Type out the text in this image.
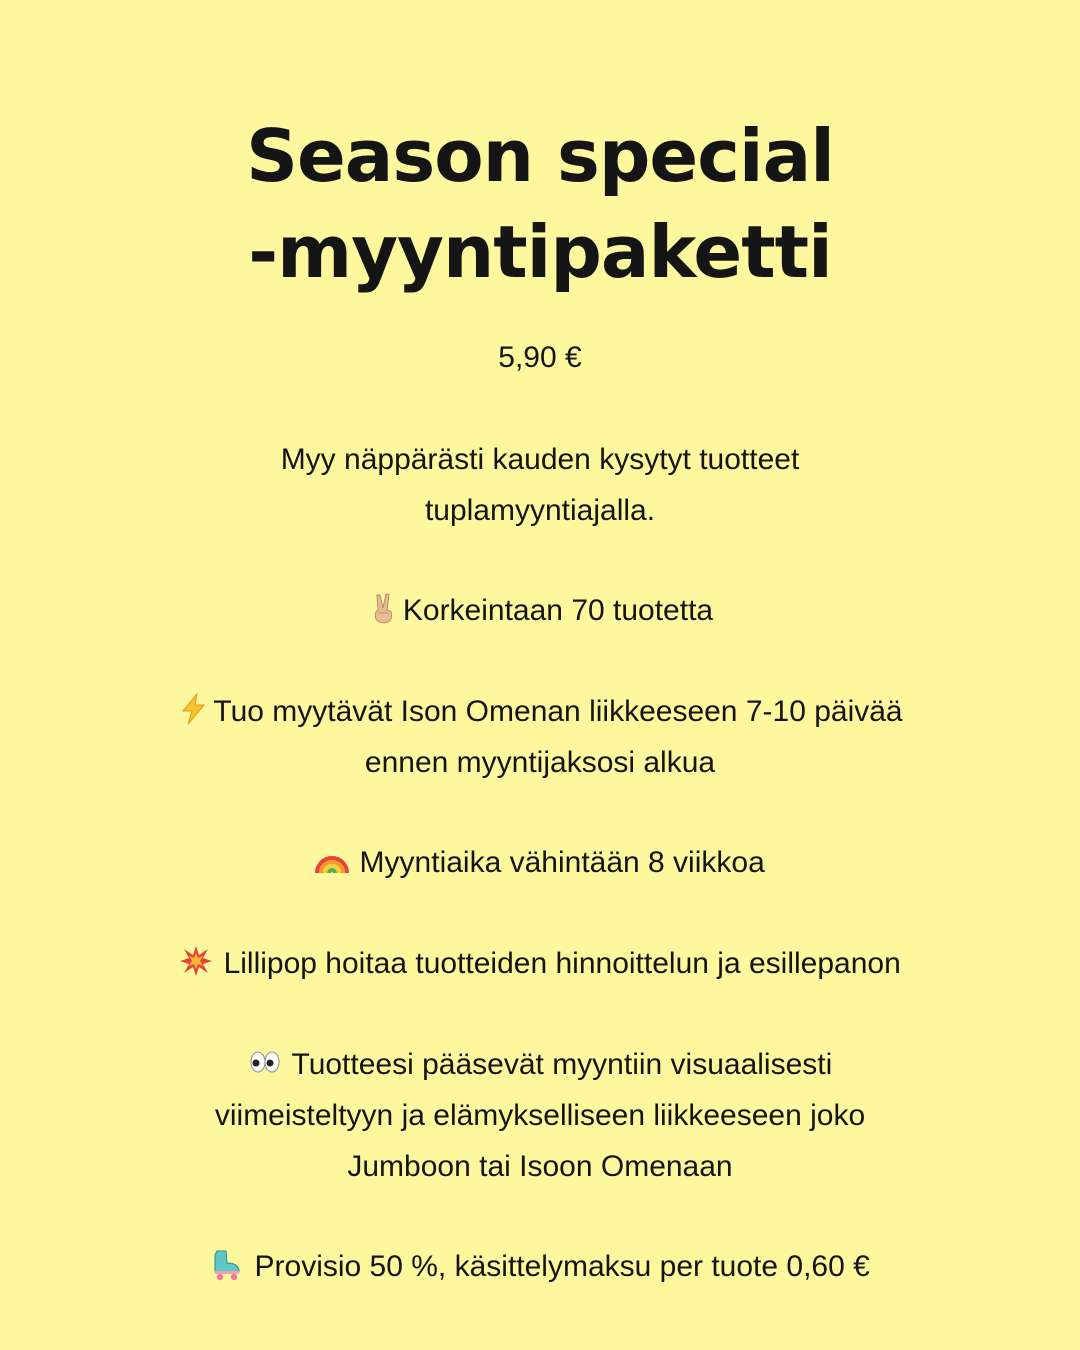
Season special
-myyntipaketti

5,90 €

Myy näppärästi kauden kysytyt tuotteet
tuplamyyntiajalla.

Korkeintaan 70 tuotetta

Tuo myytävät Ison Omenan liikkeeseen 7-10 päivää
ennen myyntijaksosi alkua

Myyntiaika vähintään 8 viikkoa

Lillipop hoitaa tuotteiden hinnoittelun ja esillepanon

Tuotteesi pääsevät myyntiin visuaalisesti
viimeisteltyyn ja elämykselliseen liikkeeseen joko
Jumboon tai Isoon Omenaan

Provisio 50 %, käsittelymaksu per tuote 0,60 €
